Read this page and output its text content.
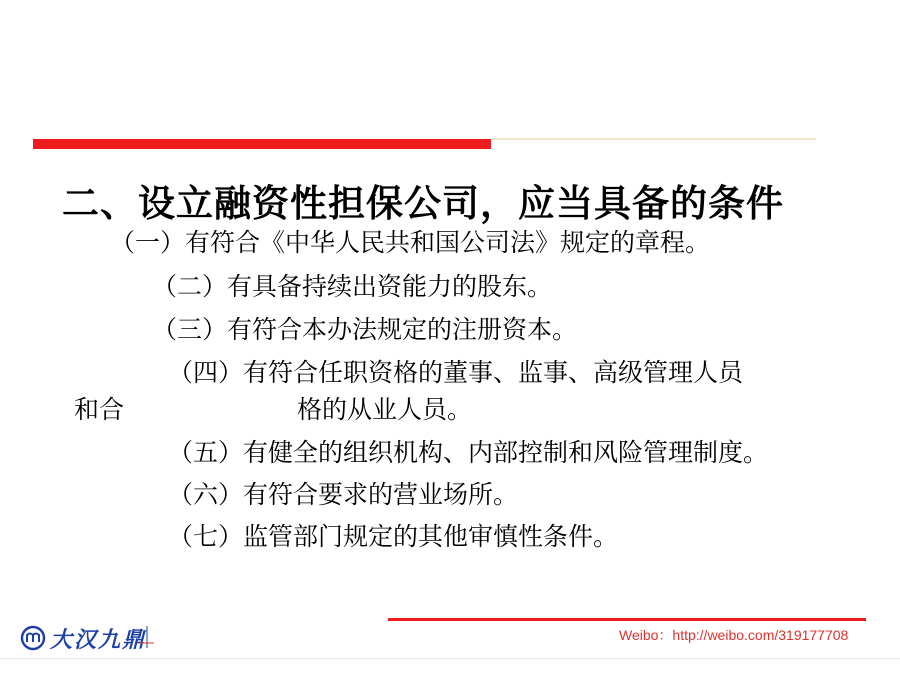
二、设立融资性担保公司，应当具备的条件
（一）有符合《中华人民共和国公司法》规定的章程。
（二）有具备持续出资能力的股东。
（三）有符合本办法规定的注册资本。
（四）有符合任职资格的董事、监事、高级管理人员
和合	格的从业人员。
（五）有健全的组织机构、内部控制和风险管理制度。
（六）有符合要求的营业场所。
（七）监管部门规定的其他审慎性条件。
大汉九鼎	Weibo：http://weibo.com/319177708
